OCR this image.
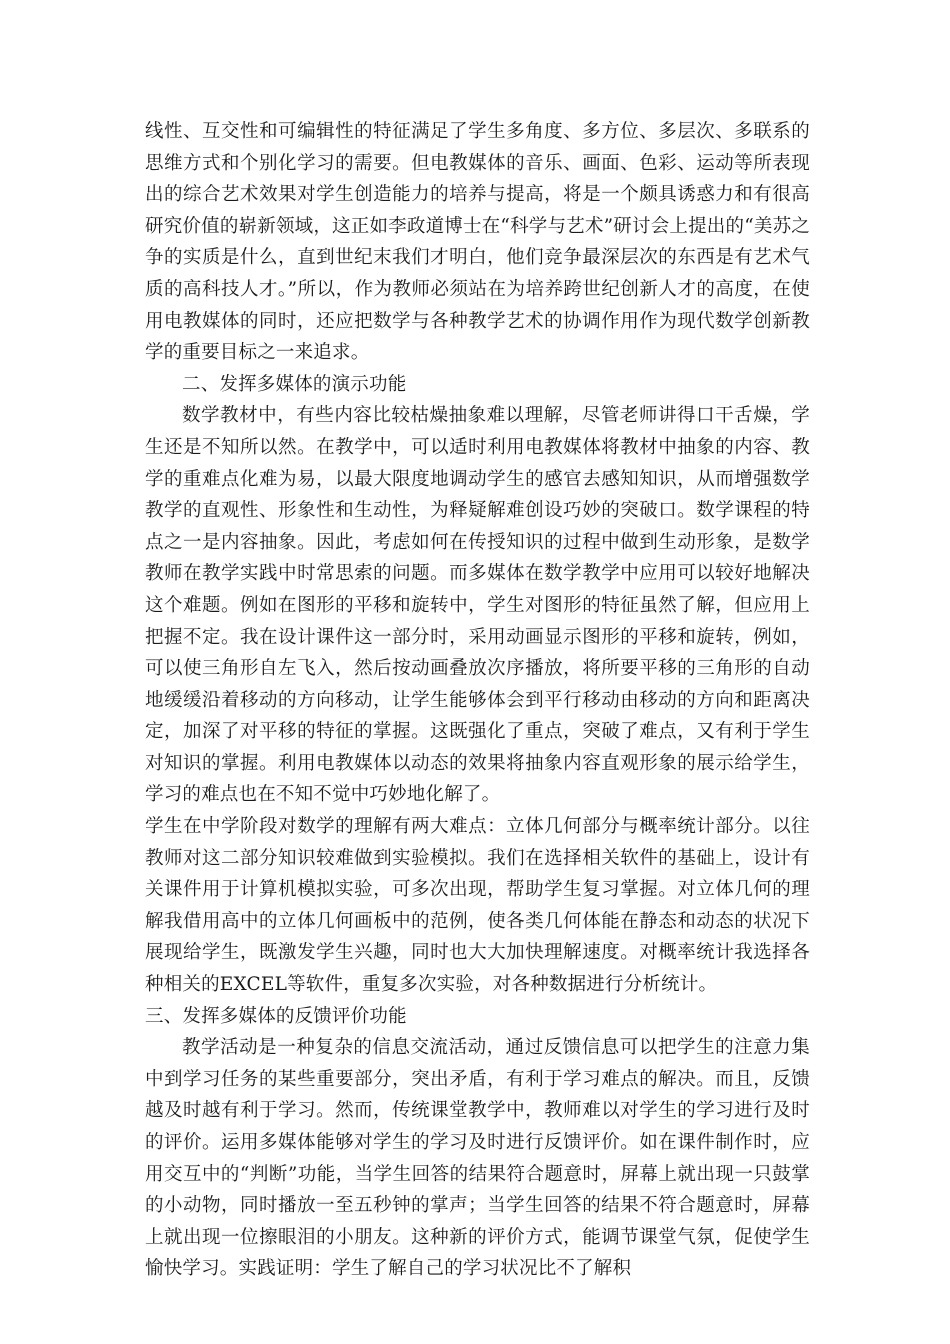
线性、互交性和可编辑性的特征满足了学生多角度、多方位、多层次、多联系的思维方式和个别化学习的需要。但电教媒体的音乐、画面、色彩、运动等所表现出的综合艺术效果对学生创造能力的培养与提高，将是一个颇具诱惑力和有很高研究价值的崭新领域，这正如李政道博士在“科学与艺术”研讨会上提出的“美苏之争的实质是什么，直到世纪末我们才明白，他们竞争最深层次的东西是有艺术气质的高科技人才。”所以，作为教师必须站在为培养跨世纪创新人才的高度，在使用电教媒体的同时，还应把数学与各种教学艺术的协调作用作为现代数学创新教学的重要目标之一来追求。

二、发挥多媒体的演示功能

数学教材中，有些内容比较枯燥抽象难以理解，尽管老师讲得口干舌燥，学生还是不知所以然。在教学中，可以适时利用电教媒体将教材中抽象的内容、教学的重难点化难为易，以最大限度地调动学生的感官去感知知识，从而增强数学教学的直观性、形象性和生动性，为释疑解难创设巧妙的突破口。数学课程的特点之一是内容抽象。因此，考虑如何在传授知识的过程中做到生动形象，是数学教师在教学实践中时常思索的问题。而多媒体在数学教学中应用可以较好地解决这个难题。例如在图形的平移和旋转中，学生对图形的特征虽然了解，但应用上把握不定。我在设计课件这一部分时，采用动画显示图形的平移和旋转，例如，可以使三角形自左飞入，然后按动画叠放次序播放，将所要平移的三角形的自动地缓缓沿着移动的方向移动，让学生能够体会到平行移动由移动的方向和距离决定，加深了对平移的特征的掌握。这既强化了重点，突破了难点，又有利于学生对知识的掌握。利用电教媒体以动态的效果将抽象内容直观形象的展示给学生，学习的难点也在不知不觉中巧妙地化解了。

学生在中学阶段对数学的理解有两大难点：立体几何部分与概率统计部分。以往教师对这二部分知识较难做到实验模拟。我们在选择相关软件的基础上，设计有关课件用于计算机模拟实验，可多次出现，帮助学生复习掌握。对立体几何的理解我借用高中的立体几何画板中的范例，使各类几何体能在静态和动态的状况下展现给学生，既激发学生兴趣，同时也大大加快理解速度。对概率统计我选择各种相关的EXCEL等软件，重复多次实验，对各种数据进行分析统计。

三、发挥多媒体的反馈评价功能

教学活动是一种复杂的信息交流活动，通过反馈信息可以把学生的注意力集中到学习任务的某些重要部分，突出矛盾，有利于学习难点的解决。而且，反馈越及时越有利于学习。然而，传统课堂教学中，教师难以对学生的学习进行及时的评价。运用多媒体能够对学生的学习及时进行反馈评价。如在课件制作时，应用交互中的“判断”功能，当学生回答的结果符合题意时，屏幕上就出现一只鼓掌的小动物，同时播放一至五秒钟的掌声；当学生回答的结果不符合题意时，屏幕上就出现一位擦眼泪的小朋友。这种新的评价方式，能调节课堂气氛，促使学生愉快学习。实践证明：学生了解自己的学习状况比不了解积
